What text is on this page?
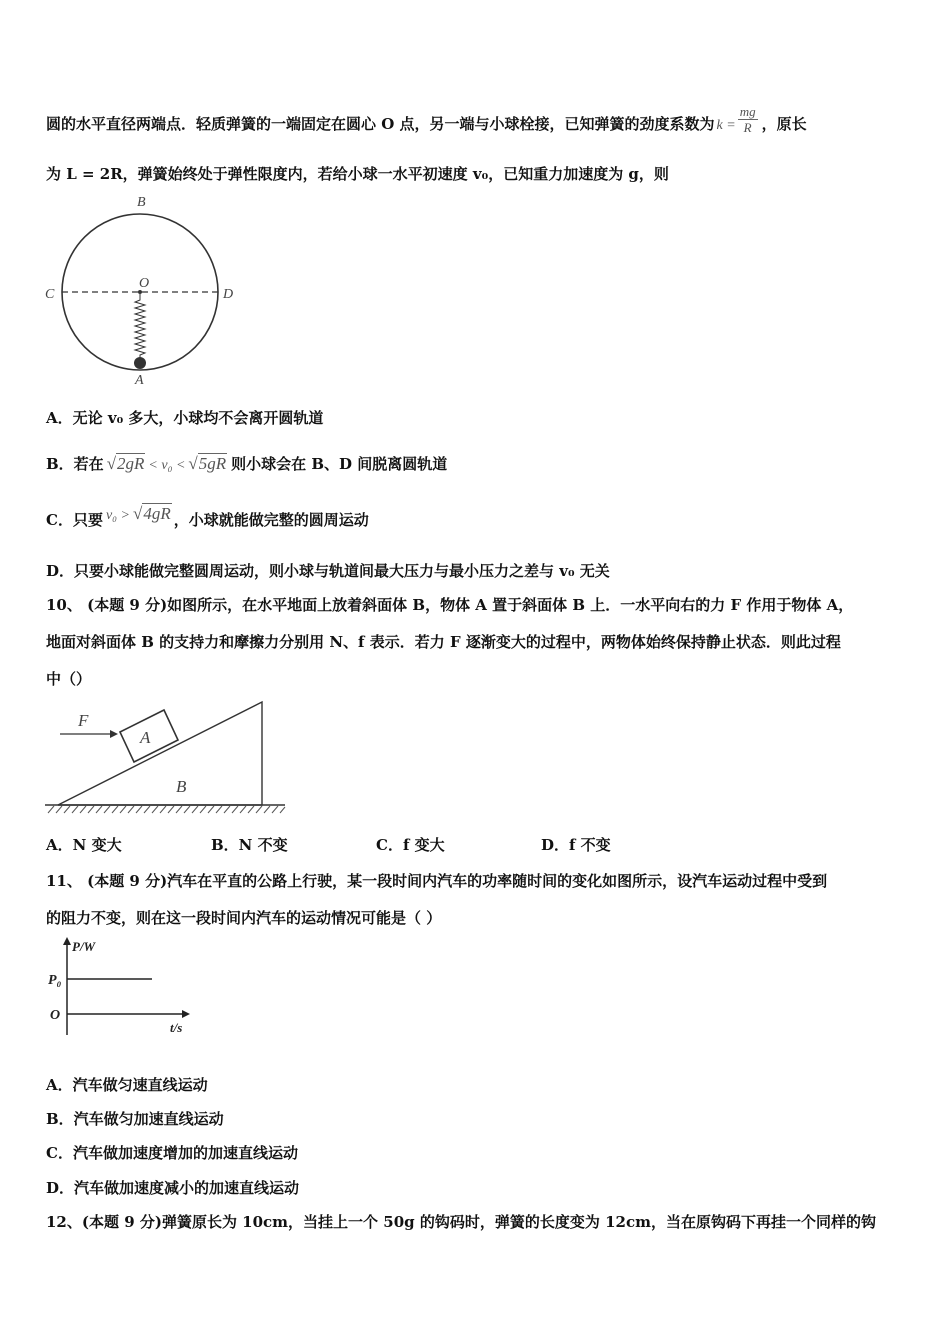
圆的水平直径两端点．轻质弹簧的一端固定在圆心 O 点，另一端与小球栓接，已知弹簧的劲度系数为 $k = \frac{mg}{R}$ ，原长
为 L = 2R，弹簧始终处于弹性限度内，若给小球一水平初速度 v₀，已知重力加速度为 g，则
B
O
C	D
A
A．无论 v₀ 多大，小球均不会离开圆轨道
B．若在 √2gR < v₀ < √5gR 则小球会在 B、D 间脱离圆轨道
C．只要 v₀ > √4gR ，小球就能做完整的圆周运动
D．只要小球能做完整圆周运动，则小球与轨道间最大压力与最小压力之差与 v₀ 无关
10、 (本题 9 分)如图所示，在水平地面上放着斜面体 B，物体 A 置于斜面体 B 上．一水平向右的力 F 作用于物体 A，
地面对斜面体 B 的支持力和摩擦力分别用 N、f 表示．若力 F 逐渐变大的过程中，两物体始终保持静止状态．则此过程
中（）
F
A
B
A．N 变大	B．N 不变	C．f 变大	D．f 不变
11、 (本题 9 分)汽车在平直的公路上行驶，某一段时间内汽车的功率随时间的变化如图所示，设汽车运动过程中受到
的阻力不变，则在这一段时间内汽车的运动情况可能是（ ）
P/W
P₀
O
t/s
A．汽车做匀速直线运动
B．汽车做匀加速直线运动
C．汽车做加速度增加的加速直线运动
D．汽车做加速度减小的加速直线运动
12、(本题 9 分)弹簧原长为 10cm，当挂上一个 50g 的钩码时，弹簧的长度变为 12cm，当在原钩码下再挂一个同样的钩
